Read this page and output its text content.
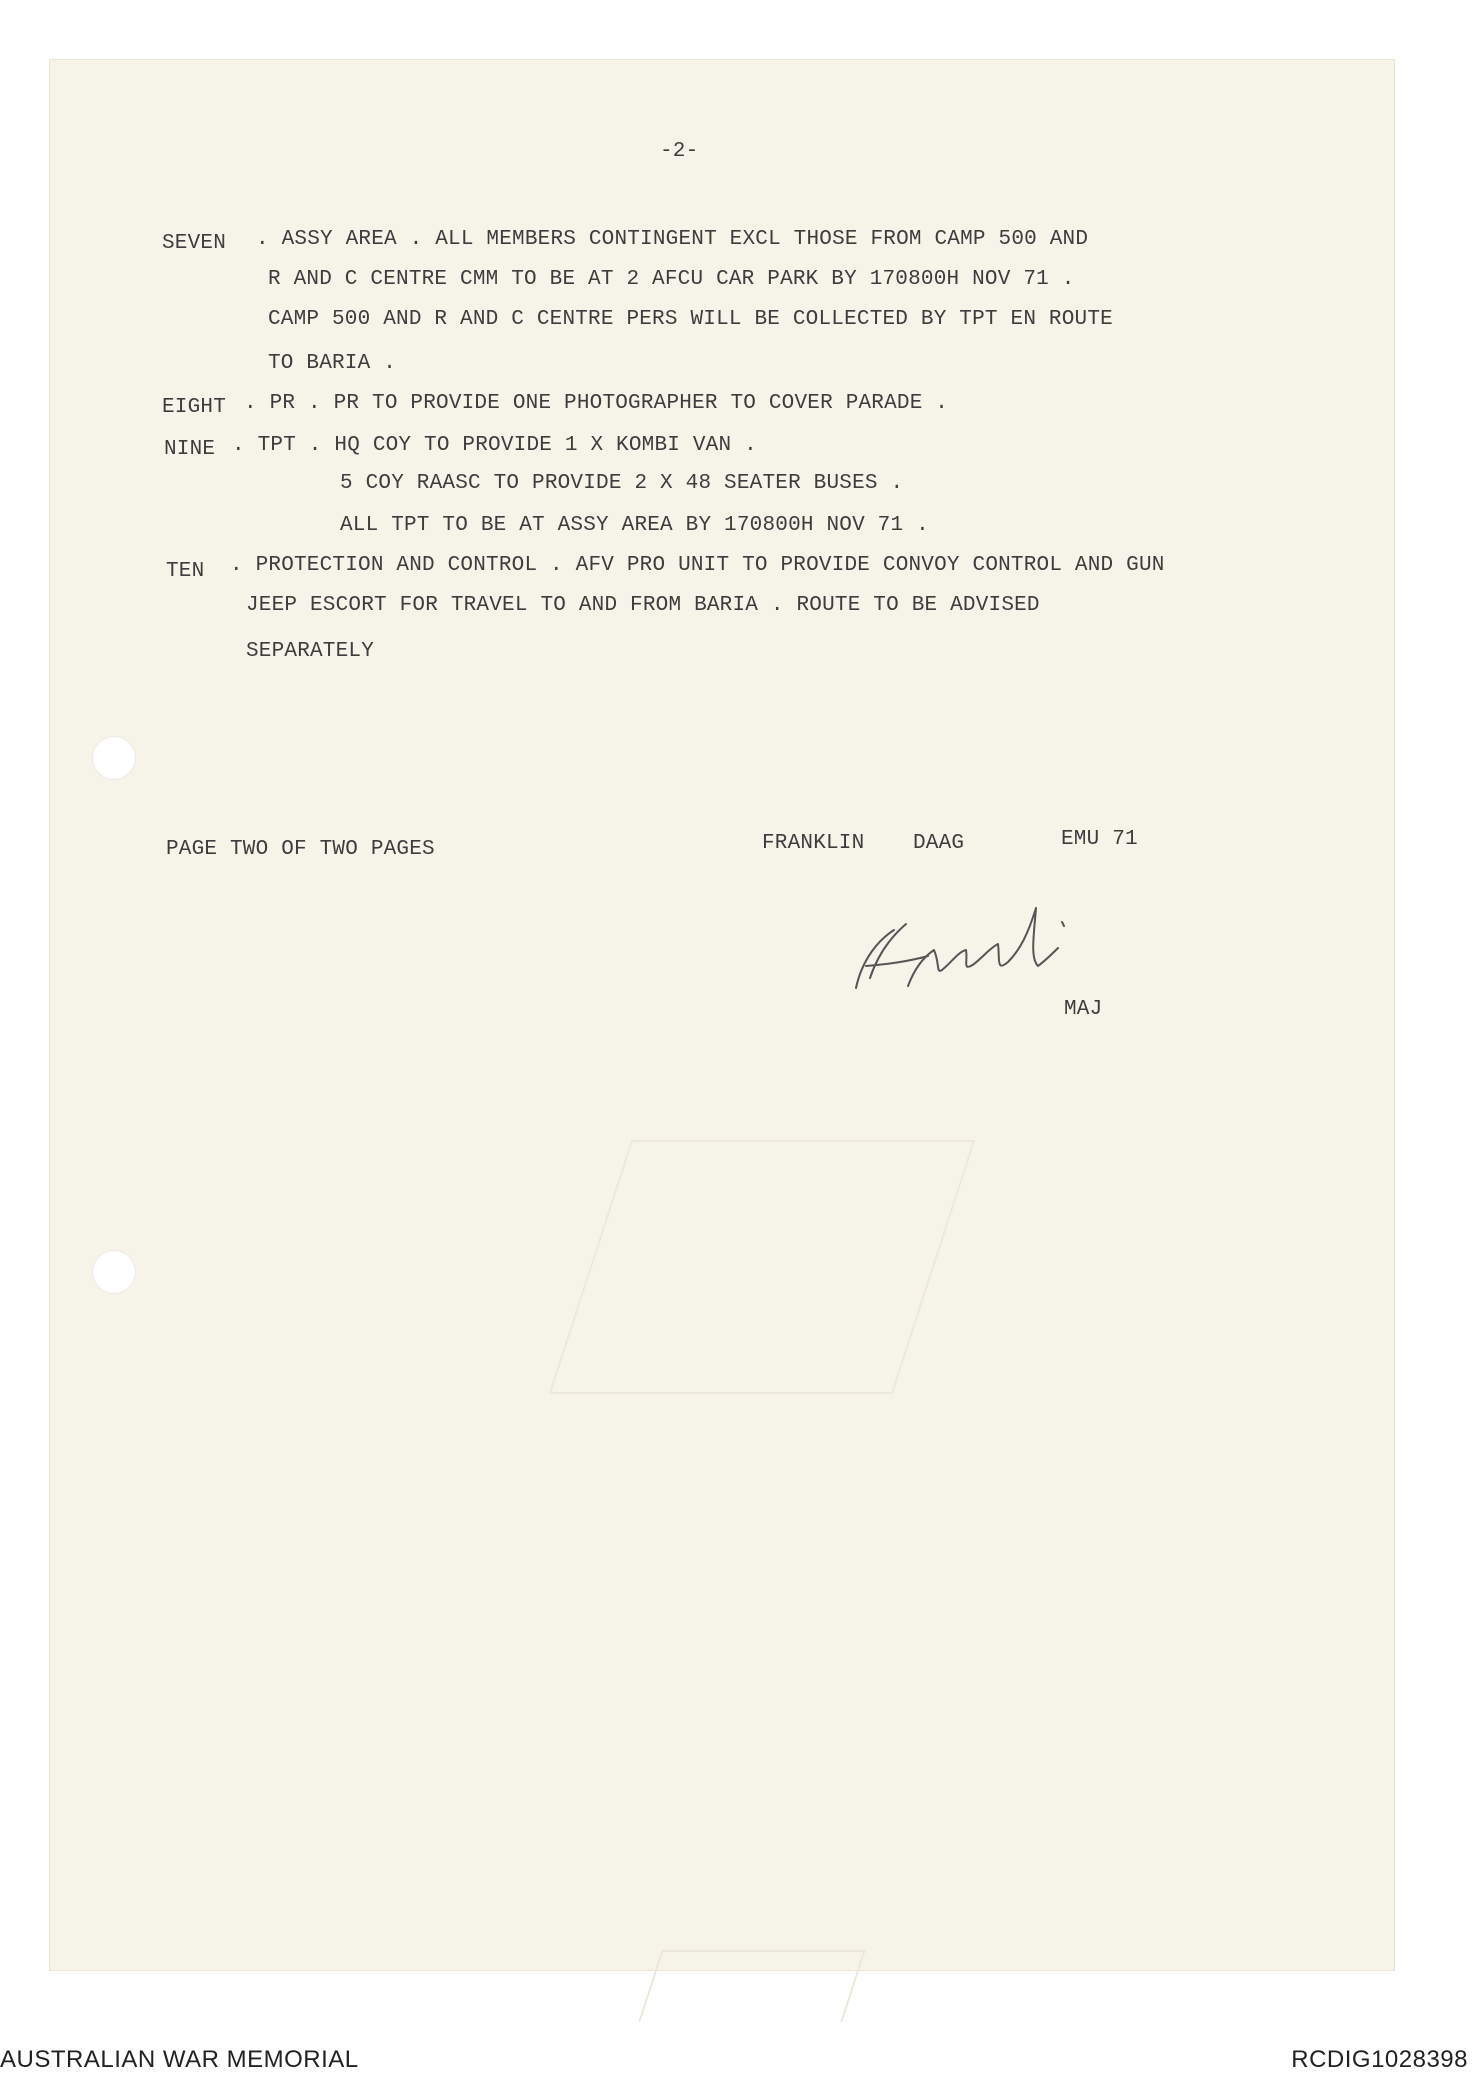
-2-
SEVEN . ASSY AREA . ALL MEMBERS CONTINGENT EXCL THOSE FROM CAMP 500 AND
R AND C CENTRE CMM TO BE AT 2 AFCU CAR PARK BY 170800H NOV 71 .
CAMP 500 AND R AND C CENTRE PERS WILL BE COLLECTED BY TPT EN ROUTE
TO BARIA .
EIGHT . PR . PR TO PROVIDE ONE PHOTOGRAPHER TO COVER PARADE .
NINE . TPT . HQ COY TO PROVIDE 1 X KOMBI VAN .
5 COY RAASC TO PROVIDE 2 X 48 SEATER BUSES .
ALL TPT TO BE AT ASSY AREA BY 170800H NOV 71 .
TEN . PROTECTION AND CONTROL . AFV PRO UNIT TO PROVIDE CONVOY CONTROL AND GUN
JEEP ESCORT FOR TRAVEL TO AND FROM BARIA . ROUTE TO BE ADVISED
SEPARATELY
PAGE TWO OF TWO PAGES	FRANKLIN DAAG	EMU 71
MAJ
AUSTRALIAN WAR MEMORIAL	RCDIG1028398
